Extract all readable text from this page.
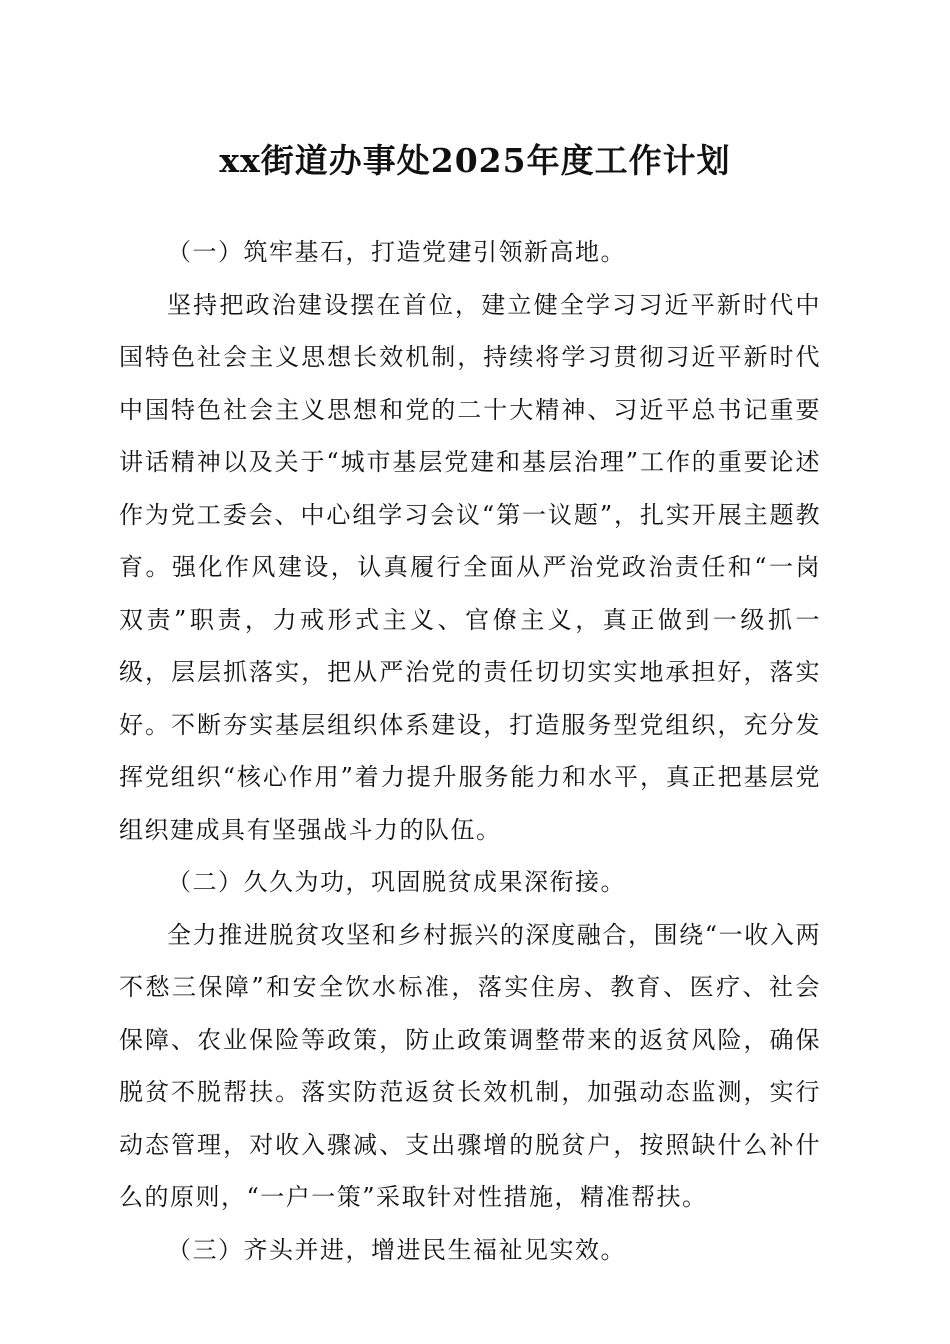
xx街道办事处2025年度工作计划

（一）筑牢基石，打造党建引领新高地。

坚持把政治建设摆在首位，建立健全学习习近平新时代中国特色社会主义思想长效机制，持续将学习贯彻习近平新时代中国特色社会主义思想和党的二十大精神、习近平总书记重要讲话精神以及关于“城市基层党建和基层治理”工作的重要论述作为党工委会、中心组学习会议“第一议题”，扎实开展主题教育。强化作风建设，认真履行全面从严治党政治责任和“一岗双责”职责，力戒形式主义、官僚主义，真正做到一级抓一级，层层抓落实，把从严治党的责任切切实实地承担好，落实好。不断夯实基层组织体系建设，打造服务型党组织，充分发挥党组织“核心作用”着力提升服务能力和水平，真正把基层党组织建成具有坚强战斗力的队伍。

（二）久久为功，巩固脱贫成果深衔接。

全力推进脱贫攻坚和乡村振兴的深度融合，围绕“一收入两不愁三保障”和安全饮水标准，落实住房、教育、医疗、社会保障、农业保险等政策，防止政策调整带来的返贫风险，确保脱贫不脱帮扶。落实防范返贫长效机制，加强动态监测，实行动态管理，对收入骤减、支出骤增的脱贫户，按照缺什么补什么的原则，“一户一策”采取针对性措施，精准帮扶。

（三）齐头并进，增进民生福祉见实效。
